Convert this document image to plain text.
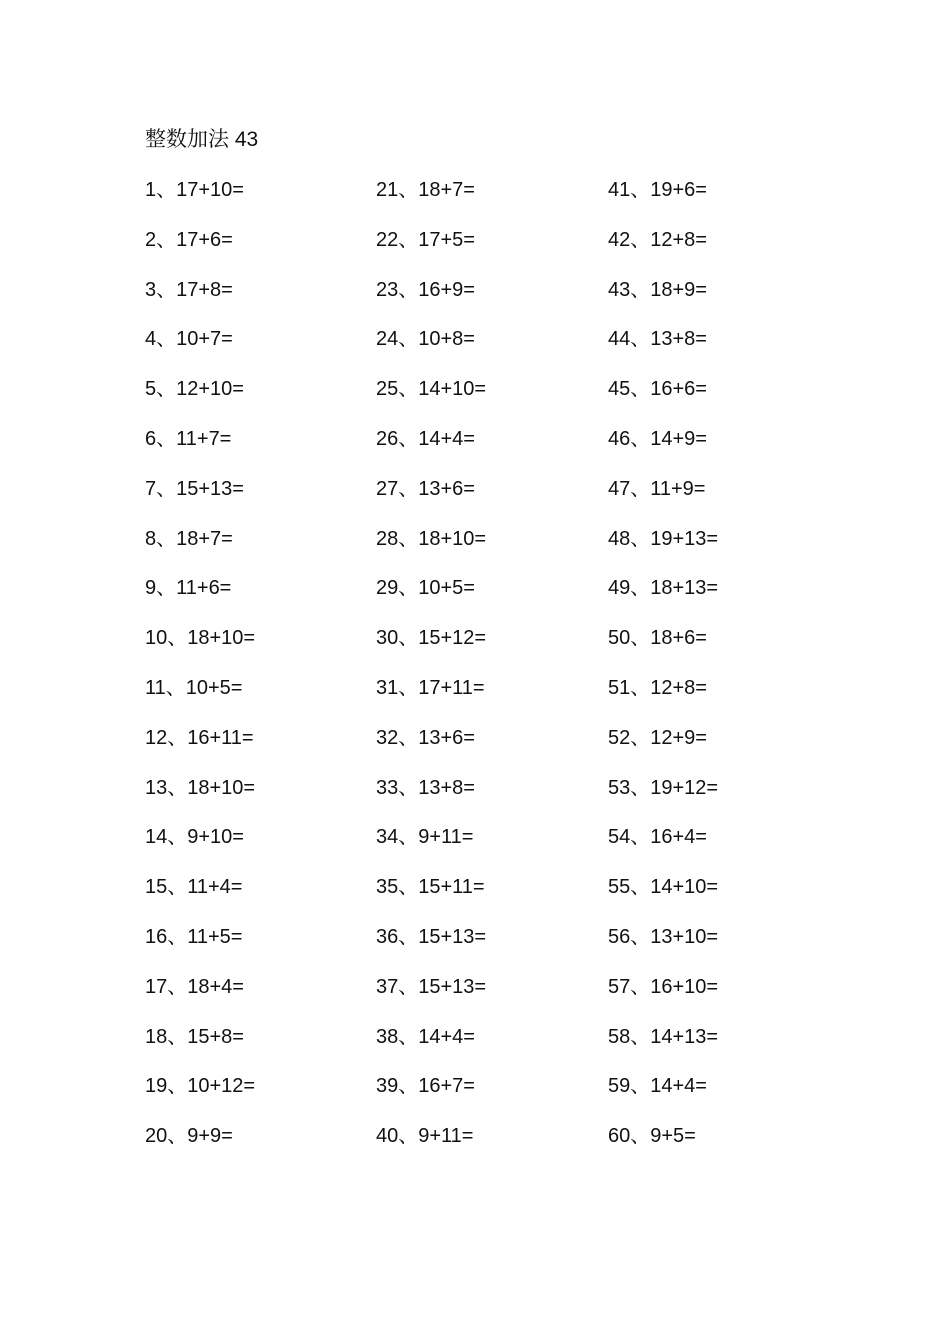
整数加法 43
1、17+10=
2、17+6=
3、17+8=
4、10+7=
5、12+10=
6、11+7=
7、15+13=
8、18+7=
9、11+6=
10、18+10=
11、10+5=
12、16+11=
13、18+10=
14、9+10=
15、11+4=
16、11+5=
17、18+4=
18、15+8=
19、10+12=
20、9+9=
21、18+7=
22、17+5=
23、16+9=
24、10+8=
25、14+10=
26、14+4=
27、13+6=
28、18+10=
29、10+5=
30、15+12=
31、17+11=
32、13+6=
33、13+8=
34、9+11=
35、15+11=
36、15+13=
37、15+13=
38、14+4=
39、16+7=
40、9+11=
41、19+6=
42、12+8=
43、18+9=
44、13+8=
45、16+6=
46、14+9=
47、11+9=
48、19+13=
49、18+13=
50、18+6=
51、12+8=
52、12+9=
53、19+12=
54、16+4=
55、14+10=
56、13+10=
57、16+10=
58、14+13=
59、14+4=
60、9+5=
